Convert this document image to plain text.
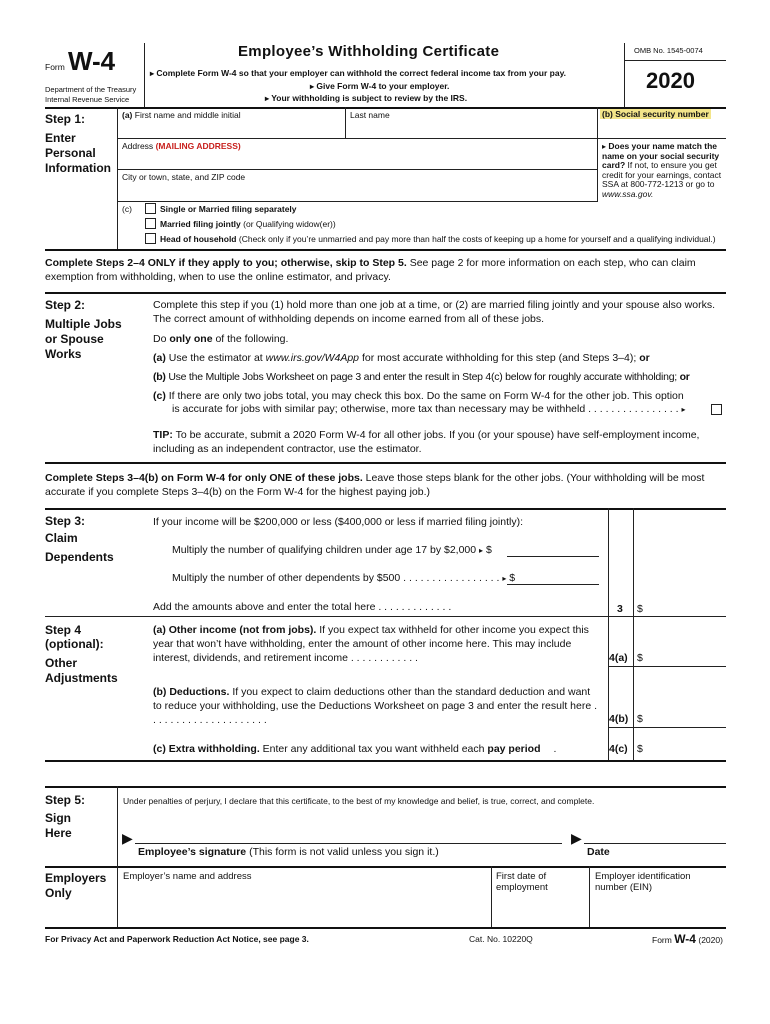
Form W-4
Department of the Treasury
Internal Revenue Service
Employee’s Withholding Certificate
▸ Complete Form W-4 so that your employer can withhold the correct federal income tax from your pay.
▸ Give Form W-4 to your employer.
▸ Your withholding is subject to review by the IRS.
OMB No. 1545-0074
2020
Step 1:
Enter
Personal
Information
(a) First name and middle initial	Last name	(b) Social security number
Address (MAILING ADDRESS)
City or town, state, and ZIP code
▸ Does your name match the name on your social security card? If not, to ensure you get credit for your earnings, contact SSA at 800-772-1213 or go to www.ssa.gov.
(c)	Single or Married filing separately
Married filing jointly (or Qualifying widow(er))
Head of household (Check only if you’re unmarried and pay more than half the costs of keeping up a home for yourself and a qualifying individual.)
Complete Steps 2–4 ONLY if they apply to you; otherwise, skip to Step 5. See page 2 for more information on each step, who can claim exemption from withholding, when to use the online estimator, and privacy.
Step 2:
Multiple Jobs
or Spouse
Works
Complete this step if you (1) hold more than one job at a time, or (2) are married filing jointly and your spouse also works. The correct amount of withholding depends on income earned from all of these jobs.
Do only one of the following.
(a) Use the estimator at www.irs.gov/W4App for most accurate withholding for this step (and Steps 3–4); or
(b) Use the Multiple Jobs Worksheet on page 3 and enter the result in Step 4(c) below for roughly accurate withholding; or
(c) If there are only two jobs total, you may check this box. Do the same on Form W-4 for the other job. This option
is accurate for jobs with similar pay; otherwise, more tax than necessary may be withheld . . . . . . . . . . . . . . . . ▸
TIP: To be accurate, submit a 2020 Form W-4 for all other jobs. If you (or your spouse) have self-employment income, including as an independent contractor, use the estimator.
Complete Steps 3–4(b) on Form W-4 for only ONE of these jobs. Leave those steps blank for the other jobs. (Your withholding will be most accurate if you complete Steps 3–4(b) on the Form W-4 for the highest paying job.)
Step 3:
Claim
Dependents
If your income will be $200,000 or less ($400,000 or less if married filing jointly):
Multiply the number of qualifying children under age 17 by $2,000 ▸ $
Multiply the number of other dependents by $500 . . . . . . . . . . . . . . . . . ▸ $
Add the amounts above and enter the total here . . . . . . . . . . . . .	3 $
Step 4
(optional):
Other
Adjustments
(a) Other income (not from jobs). If you expect tax withheld for other income you expect this year that won’t have withholding, enter the amount of other income here. This may include interest, dividends, and retirement income . . . . . . . . . . . .
(b) Deductions. If you expect to claim deductions other than the standard deduction and want to reduce your withholding, use the Deductions Worksheet on page 3 and enter the result here . . . . . . . . . . . . . . . . . . . . .
(c) Extra withholding. Enter any additional tax you want withheld each pay period .
4(a) $
4(b) $
4(c) $
Step 5:
Sign
Here
Under penalties of perjury, I declare that this certificate, to the best of my knowledge and belief, is true, correct, and complete.
▶
Employee’s signature (This form is not valid unless you sign it.)
▶
Date
Employers
Only
Employer’s name and address	First date of
employment
Employer identification
number (EIN)
For Privacy Act and Paperwork Reduction Act Notice, see page 3.	Cat. No. 10220Q	Form W-4 (2020)
